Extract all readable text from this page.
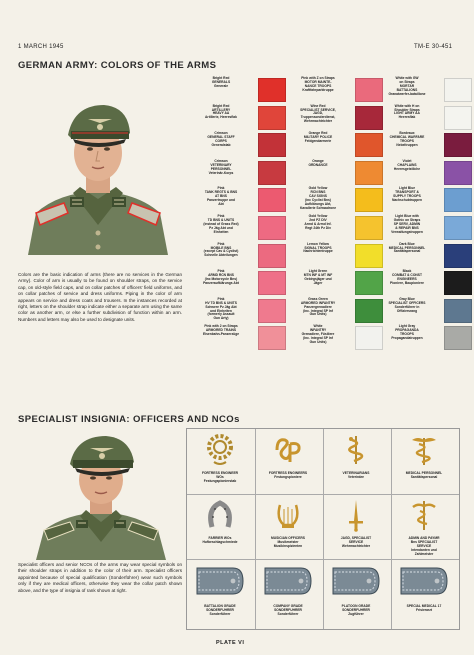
1 MARCH 1945	TM-E 30-451
GERMAN ARMY: COLORS OF THE ARMS
Colors are the basic indication of arms (there are no services in the German Army). Color of arm is usually to be found on shoulder straps, on the service cap, on old-style field caps, and on collar patches of officers' field uniforms, and on collar patches of service and dress uniforms. Piping in the color of arm appears on service and dress coats and trousers. In the instances recorded at right, letters on the shoulder strap indicate either a separate arm using the same color as another arm, or else a further subdivision of function within an arm. Numbers and letters may also be used to designate units.
Bright Red
GENERALS
Generale
Bright Red
ARTILLERY
HEAVY AA
Artillerie, Heeresflak
Crimson
GENERAL STAFF
CORPS
Generalstab
Crimson
VETERINARY
PERSONNEL
Veterinär-Korps
Pink
TANK REGTS & BNS
AT BNS
Panzertruppe und
Abt
Pink
TD BNS & UNITS
(instead of Grass Red)
Pz Jäg Abt und
Einheiten
Pink
MOBILE BNS
(except Cav & Cyclist)
Schnelle Abteilungen
Pink
ARMD RCN BNS
(Inc Motorcycle Bns)
Panzeraufklärungs Abt
Pink
HV TD BNS & UNITS
Schwere Pz Jäg Abt
und Einheiten
(formerly Assault
Gun Arty)
Pink with 2 on Straps
ARMORED TRAINS
Eisenbahn-Panzerzüge
Pink with Z on Straps
MOTOR MAINTE-
NANCE TROOPS
Kraftfahrparktruppe
Wine Red
SPECIALIST SERVICE,
JAGD,
Truppensonderdienst,
Wehrmachtrichter
Orange Red
MILITARY POLICE
Feldgendarmerie
Orange
ORDNANCE
Gold Yellow
RCN BNS
CAV SIGNS
(inc Cyclist Bns)
Aufklärungs Abt,
Kavallerie Schwadrone
Gold Yellow
2nd PZ DIV
Armd & Armd Inf.
Regt 24th Pz Div
Lemon Yellow
SIGNAL TROOPS
Nachrichtentruppe
Light Green
MTN INF & MT INF
Gebirgsjäger und
Jäger
Grass Green
ARMORED INFANTRY
Panzergrenadiere
(Inc. Integral SP Inf
Gun Units)
White
INFANTRY
Grenadiere, Füsiliere
(Inc. Integral SP Inf
Gun Units)
White with GW
on Straps
MORTAR
BATTALIONS
Granatwerfer-bataillone
White with H on
Shoulder Straps
LIGHT ARMY AA
Heeresflak
Bordeaux
CHEMICAL WARFARE
TROOPS
Nebeltruppen
Violet
CHAPLAINS
Heeresgeistliche
Light Blue
TRANSPORT &
SUPPLY TROOPS
Nachschubtruppen
Light Blue with
Gothic on Straps
SP SERV, ADMIN
& REPAIR BNS
Verwaltungstruppen
Dark Blue
MEDICAL PERSONNEL
Sanitätspersonal
Black
COMBAT & CONST
ENGINEERS
Pioniere, Baupioniere
Gray Blue
SPECIALIST OFFICERS
Sonderführer in
Offiziersrang
Light Gray
PROPAGANDA
TROOPS
Propagandatruppen
SPECIALIST INSIGNIA: OFFICERS AND NCOs
Specialist officers and senior NCOs of the arms may wear special symbols on their shoulder straps in addition to the color of their arm. Specialist officers appointed because of special qualification (Sonderführer) wear such symbols only if they are medical officers, otherwise they wear the collar patch shown above, and the type of insignia of rank shown at right.
FORTRESS ENGINEER
WOs
Festungspionierstab
FORTRESS ENGINEERS
Festungspioniere
VETERINARIANS
Veterinäre
MEDICAL PERSONNEL
Sanitätspersonal
FARRIER WOs
Hufbeschlagschmiede
MUSICIAN OFFICERS
Musikmeister
Musikinspizienten
JAGD, SPECIALIST
SERVICE
Wehrmachtrichter
ADMIN AND PAYMR
Bns SPECIALIST
SERVICE
Intendanten und
Zahlmeister
BATTALION GRADE
SONDERFUHRER
Sonderführer
COMPANY GRADE
SONDERFUHRER
Sonderführer
PLATOON GRADE
SONDERFUHRER
Zugführer
SPECIAL MEDICAL 17
Frisierarzt
PLATE VI
